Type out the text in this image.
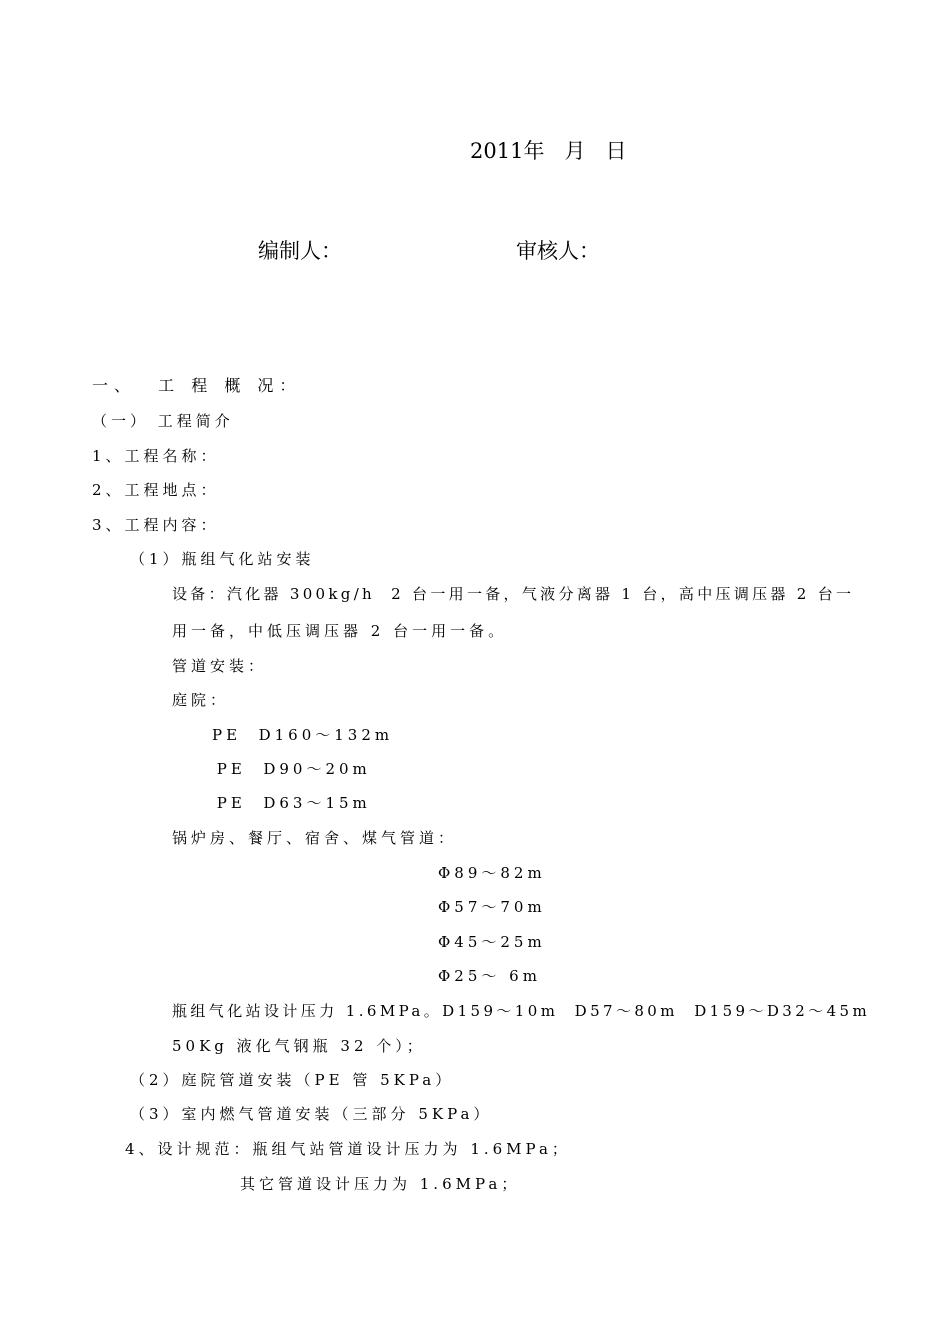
2011年   月   日
编制人：	审核人：
一、  工 程 概 况：
（一） 工程简介
1、工程名称：
2、工程地点：
3、工程内容：
（1）瓶组气化站安装
设备：汽化器 300kg/h  2 台一用一备，气液分离器 1 台，高中压调压器 2 台一
用一备，中低压调压器 2 台一用一备。
管道安装：
庭院：
PE  D160～132m
PE  D90～20m
PE  D63～15m
锅炉房、餐厅、宿舍、煤气管道：
Φ89～82m
Φ57～70m
Φ45～25m
Φ25～ 6m
瓶组气化站设计压力 1.6MPa。D159～10m  D57～80m  D159～D32～45m
50Kg 液化气钢瓶 32 个）；
（2）庭院管道安装（PE 管 5KPa）
（3）室内燃气管道安装（三部分 5KPa）
4、设计规范：瓶组气站管道设计压力为 1.6MPa；
其它管道设计压力为 1.6MPa；
